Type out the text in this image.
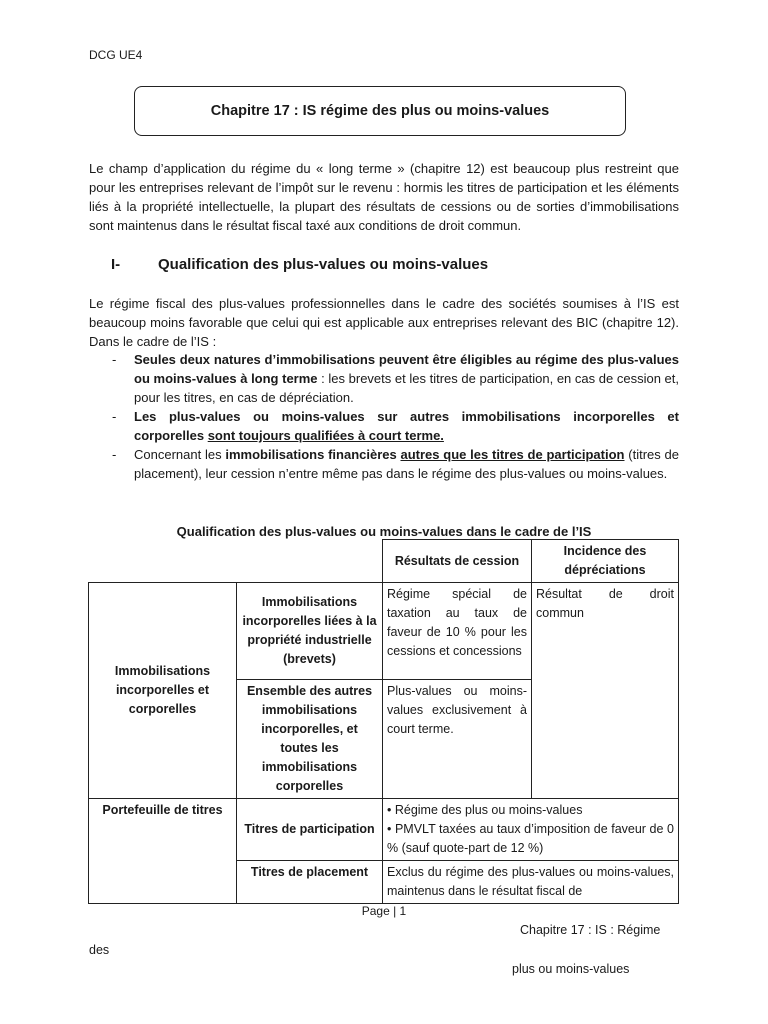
DCG UE4
Chapitre 17 : IS régime des plus ou moins-values
Le champ d’application du régime du « long terme » (chapitre 12) est beaucoup plus restreint que pour les entreprises relevant de l’impôt sur le revenu : hormis les titres de participation et les éléments liés à la propriété intellectuelle, la plupart des résultats de cessions ou de sorties d’immobilisations sont maintenus dans le résultat fiscal taxé aux conditions de droit commun.
I-	Qualification des plus-values ou moins-values
Le régime fiscal des plus-values professionnelles dans le cadre des sociétés soumises à l’IS est beaucoup moins favorable que celui qui est applicable aux entreprises relevant des BIC (chapitre 12). Dans le cadre de l’IS :
- Seules deux natures d’immobilisations peuvent être éligibles au régime des plus-values ou moins-values à long terme : les brevets et les titres de participation, en cas de cession et, pour les titres, en cas de dépréciation.
- Les plus-values ou moins-values sur autres immobilisations incorporelles et corporelles sont toujours qualifiées à court terme.
- Concernant les immobilisations financières autres que les titres de participation (titres de placement), leur cession n’entre même pas dans le régime des plus-values ou moins-values.
Qualification des plus-values ou moins-values dans le cadre de l’IS
		Résultats de cession	Incidence des dépréciations
Immobilisations incorporelles et corporelles	Immobilisations incorporelles liées à la propriété industrielle (brevets)	Régime spécial de taxation au taux de faveur de 10 % pour les cessions et concessions	Résultat de droit commun
	Ensemble des autres immobilisations incorporelles, et toutes les immobilisations corporelles	Plus-values ou moins-values exclusivement à court terme.	
Portefeuille de titres	Titres de participation	• Régime des plus ou moins-values
• PMVLT taxées au taux d’imposition de faveur de 0 % (sauf quote-part de 12 %)	

	Titres de placement	Exclus du régime des plus-values ou moins-values, maintenus dans le résultat fiscal de	
Page | 1
Chapitre 17 : IS : Régime
des
plus ou moins-values
